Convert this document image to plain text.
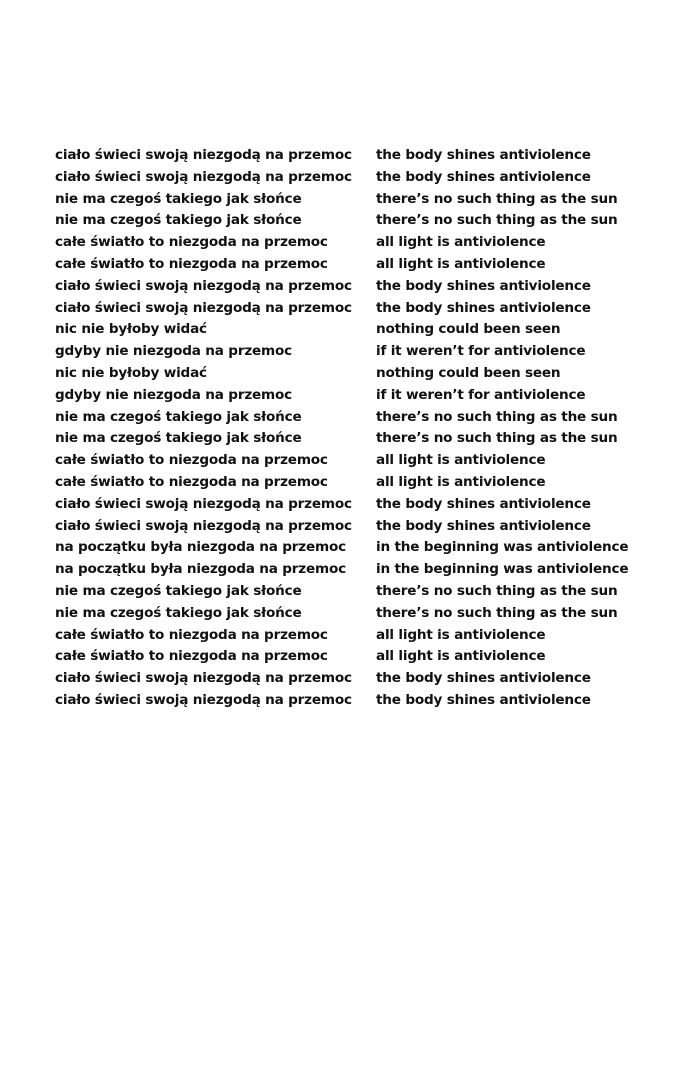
ciało świeci swoją niezgodą na przemoc the body shines antiviolence
ciało świeci swoją niezgodą na przemoc the body shines antiviolence
nie ma czegoś takiego jak słońce	there’s no such thing as the sun
nie ma czegoś takiego jak słońce	there’s no such thing as the sun
całe światło to niezgoda na przemoc	all light is antiviolence
całe światło to niezgoda na przemoc	all light is antiviolence
ciało świeci swoją niezgodą na przemoc the body shines antiviolence
ciało świeci swoją niezgodą na przemoc the body shines antiviolence
nic nie byłoby widać	nothing could been seen
gdyby nie niezgoda na przemoc	if it weren’t for antiviolence
nic nie byłoby widać	nothing could been seen
gdyby nie niezgoda na przemoc	if it weren’t for antiviolence
nie ma czegoś takiego jak słońce	there’s no such thing as the sun
nie ma czegoś takiego jak słońce	there’s no such thing as the sun
całe światło to niezgoda na przemoc	all light is antiviolence
całe światło to niezgoda na przemoc	all light is antiviolence
ciało świeci swoją niezgodą na przemoc the body shines antiviolence
ciało świeci swoją niezgodą na przemoc the body shines antiviolence
na początku była niezgoda na przemoc in the beginning was antiviolence
na początku była niezgoda na przemoc in the beginning was antiviolence
nie ma czegoś takiego jak słońce	there’s no such thing as the sun
nie ma czegoś takiego jak słońce	there’s no such thing as the sun
całe światło to niezgoda na przemoc	all light is antiviolence
całe światło to niezgoda na przemoc	all light is antiviolence
ciało świeci swoją niezgodą na przemoc the body shines antiviolence
ciało świeci swoją niezgodą na przemoc the body shines antiviolence
